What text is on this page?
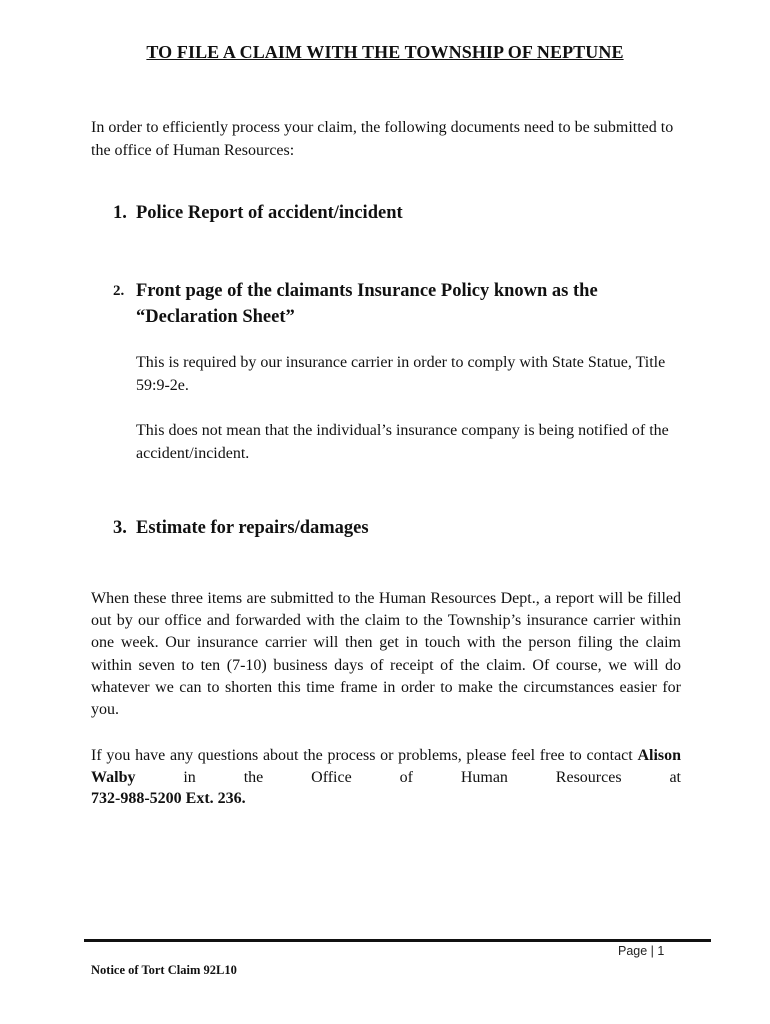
TO FILE A CLAIM WITH THE TOWNSHIP OF NEPTUNE
In order to efficiently process your claim, the following documents need to be submitted to the office of Human Resources:
1. Police Report of accident/incident
2. Front page of the claimants Insurance Policy known as the “Declaration Sheet”
This is required by our insurance carrier in order to comply with State Statue, Title 59:9-2e.
This does not mean that the individual’s insurance company is being notified of the accident/incident.
3. Estimate for repairs/damages
When these three items are submitted to the Human Resources Dept., a report will be filled out by our office and forwarded with the claim to the Township’s insurance carrier within one week. Our insurance carrier will then get in touch with the person filing the claim within seven to ten (7-10) business days of receipt of the claim. Of course, we will do whatever we can to shorten this time frame in order to make the circumstances easier for you.
If you have any questions about the process or problems, please feel free to contact Alison Walby	in the Office of Human Resources at
732-988-5200 Ext. 236.
Page | 1
Notice of Tort Claim 92L10
